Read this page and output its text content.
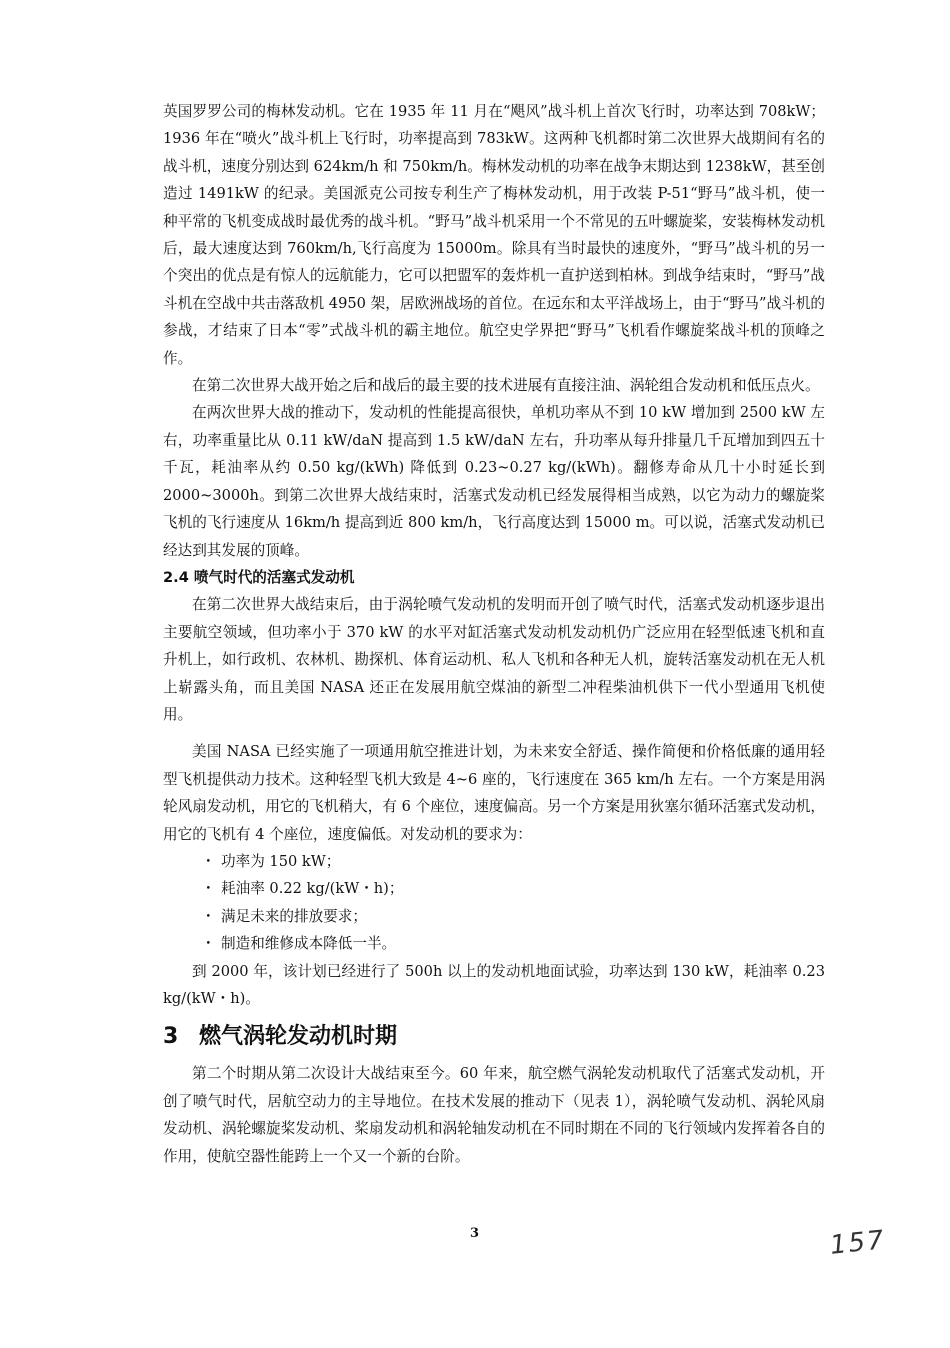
英国罗罗公司的梅林发动机。它在 1935 年 11 月在“飓风”战斗机上首次飞行时，功率达到 708kW；1936 年在“喷火”战斗机上飞行时，功率提高到 783kW。这两种飞机都时第二次世界大战期间有名的战斗机，速度分别达到 624km/h 和 750km/h。梅林发动机的功率在战争末期达到 1238kW，甚至创造过 1491kW 的纪录。美国派克公司按专利生产了梅林发动机，用于改装 P-51“野马”战斗机，使一种平常的飞机变成战时最优秀的战斗机。“野马”战斗机采用一个不常见的五叶螺旋桨，安装梅林发动机后，最大速度达到 760km/h,飞行高度为 15000m。除具有当时最快的速度外，“野马”战斗机的另一个突出的优点是有惊人的远航能力，它可以把盟军的轰炸机一直护送到柏林。到战争结束时，“野马”战斗机在空战中共击落敌机 4950 架，居欧洲战场的首位。在远东和太平洋战场上，由于“野马”战斗机的参战，才结束了日本“零”式战斗机的霸主地位。航空史学界把“野马”飞机看作螺旋桨战斗机的顶峰之作。

在第二次世界大战开始之后和战后的最主要的技术进展有直接注油、涡轮组合发动机和低压点火。

在两次世界大战的推动下，发动机的性能提高很快，单机功率从不到 10 kW 增加到 2500 kW 左右，功率重量比从 0.11 kW/daN 提高到 1.5 kW/daN 左右，升功率从每升排量几千瓦增加到四五十千瓦，耗油率从约 0.50 kg/(kWh) 降低到 0.23~0.27 kg/(kWh)。翻修寿命从几十小时延长到 2000~3000h。到第二次世界大战结束时，活塞式发动机已经发展得相当成熟，以它为动力的螺旋桨飞机的飞行速度从 16km/h 提高到近 800 km/h，飞行高度达到 15000 m。可以说，活塞式发动机已经达到其发展的顶峰。

2.4 喷气时代的活塞式发动机

在第二次世界大战结束后，由于涡轮喷气发动机的发明而开创了喷气时代，活塞式发动机逐步退出主要航空领域，但功率小于 370 kW 的水平对缸活塞式发动机发动机仍广泛应用在轻型低速飞机和直升机上，如行政机、农林机、勘探机、体育运动机、私人飞机和各种无人机，旋转活塞发动机在无人机上崭露头角，而且美国 NASA 还正在发展用航空煤油的新型二冲程柴油机供下一代小型通用飞机使用。

美国 NASA 已经实施了一项通用航空推进计划，为未来安全舒适、操作简便和价格低廉的通用轻型飞机提供动力技术。这种轻型飞机大致是 4~6 座的，飞行速度在 365 km/h 左右。一个方案是用涡轮风扇发动机，用它的飞机稍大，有 6 个座位，速度偏高。另一个方案是用狄塞尔循环活塞式发动机，用它的飞机有 4 个座位，速度偏低。对发动机的要求为：

・ 功率为 150 kW；
・ 耗油率 0.22 kg/(kW・h)；
・ 满足未来的排放要求；
・ 制造和维修成本降低一半。

到 2000 年，该计划已经进行了 500h 以上的发动机地面试验，功率达到 130 kW，耗油率 0.23 kg/(kW・h)。

3 燃气涡轮发动机时期

第二个时期从第二次设计大战结束至今。60 年来，航空燃气涡轮发动机取代了活塞式发动机，开创了喷气时代，居航空动力的主导地位。在技术发展的推动下（见表 1），涡轮喷气发动机、涡轮风扇发动机、涡轮螺旋桨发动机、桨扇发动机和涡轮轴发动机在不同时期在不同的飞行领域内发挥着各自的作用，使航空器性能跨上一个又一个新的台阶。

3	157
